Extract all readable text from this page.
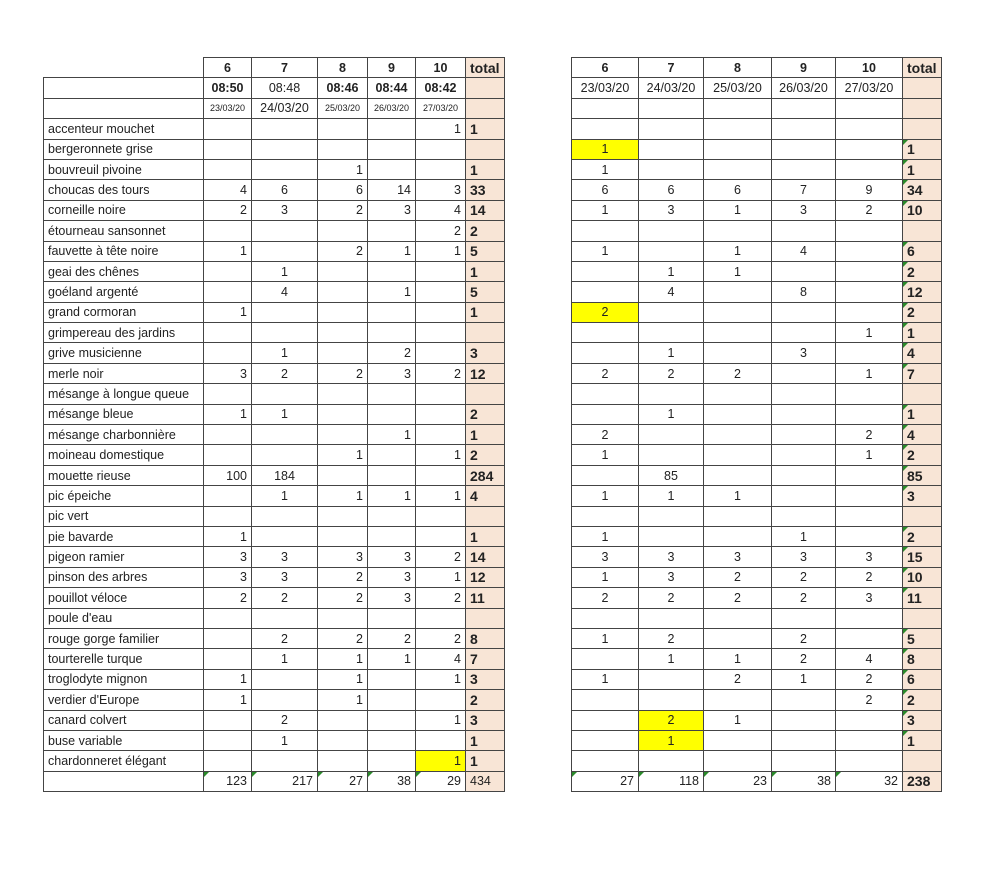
	6	7	8	9	10	total
	08:50	08:48	08:46	08:44	08:42	
	23/03/20	24/03/20	25/03/20	26/03/20	27/03/20	
accenteur mouchet					1	1
bergeronnete grise						
bouvreuil pivoine			1			1
choucas des tours	4	6	6	14	3	33
corneille noire	2	3	2	3	4	14
étourneau sansonnet					2	2
fauvette à tête noire	1		2	1	1	5
geai des chênes		1				1
goéland argenté		4		1		5
grand cormoran	1					1
grimpereau des jardins						
grive musicienne		1		2		3
merle noir	3	2	2	3	2	12
mésange à longue queue						
mésange bleue	1	1				2
mésange charbonnière				1		1
moineau domestique			1		1	2
mouette rieuse	100	184				284
pic épeiche		1	1	1	1	4
pic vert						
pie bavarde	1					1
pigeon ramier	3	3	3	3	2	14
pinson des arbres	3	3	2	3	1	12
pouillot véloce	2	2	2	3	2	11
poule d'eau						
rouge gorge familier		2	2	2	2	8
tourterelle turque		1	1	1	4	7
troglodyte mignon	1		1		1	3
verdier d'Europe	1		1			2
canard colvert		2			1	3
buse variable		1				1
chardonneret élégant					1	1
	123	217	27	38	29	434
6	7	8	9	10	total
23/03/20	24/03/20	25/03/20	26/03/20	27/03/20	

1					1
1					1
6	6	6	7	9	34
1	3	1	3	2	10

1		1	4		6
	1	1			2
	4		8		12
2					2
				1	1
	1		3		4
2	2	2		1	7

	1				1
2				2	4
1				1	2
	85				85
1	1	1			3

1			1		2
3	3	3	3	3	15
1	3	2	2	2	10
2	2	2	2	3	11

1	2		2		5
	1	1	2	4	8
1		2	1	2	6
				2	2
	2	1			3
	1				1

27	118	23	38	32	238
